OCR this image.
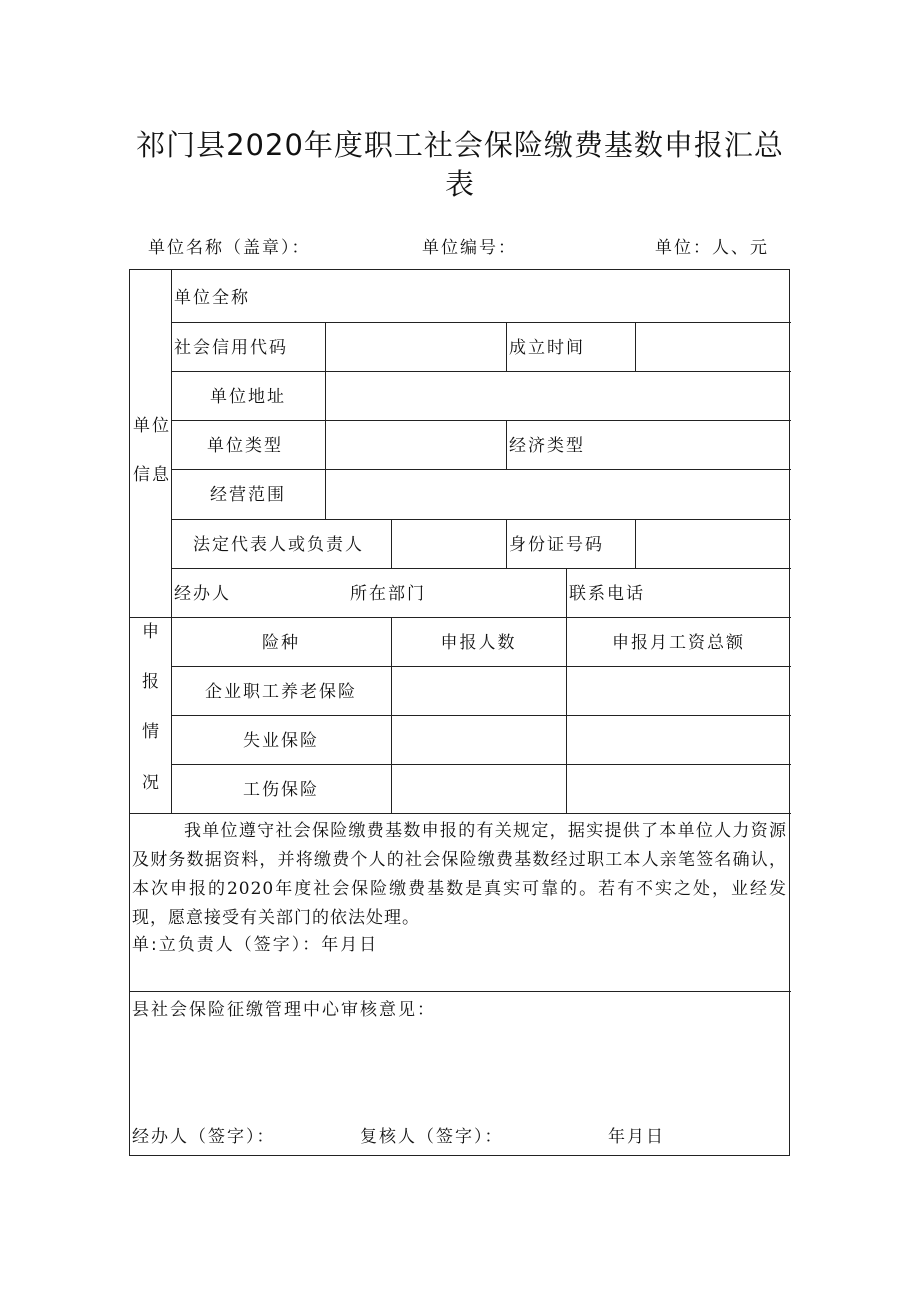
祁门县2020年度职工社会保险缴费基数申报汇总
表
单位名称（盖章）：	单位编号：	单位：人、元
单位
信息
单位全称
社会信用代码	成立时间
单位地址
单位类型	经济类型
经营范围
法定代表人或负责人	身份证号码
经办人	所在部门	联系电话
申
报
情
况
险种	申报人数	申报月工资总额
企业职工养老保险
失业保险
工伤保险

我单位遵守社会保险缴费基数申报的有关规定，据实提供了本单位人力资源及财务数据资料，并将缴费个人的社会保险缴费基数经过职工本人亲笔签名确认，本次申报的2020年度社会保险缴费基数是真实可靠的。若有不实之处，业经发现，愿意接受有关部门的依法处理。

单:立负责人（签字）：年月日
县社会保险征缴管理中心审核意见：
经办人（签字）：	复核人（签字）：	年月日
